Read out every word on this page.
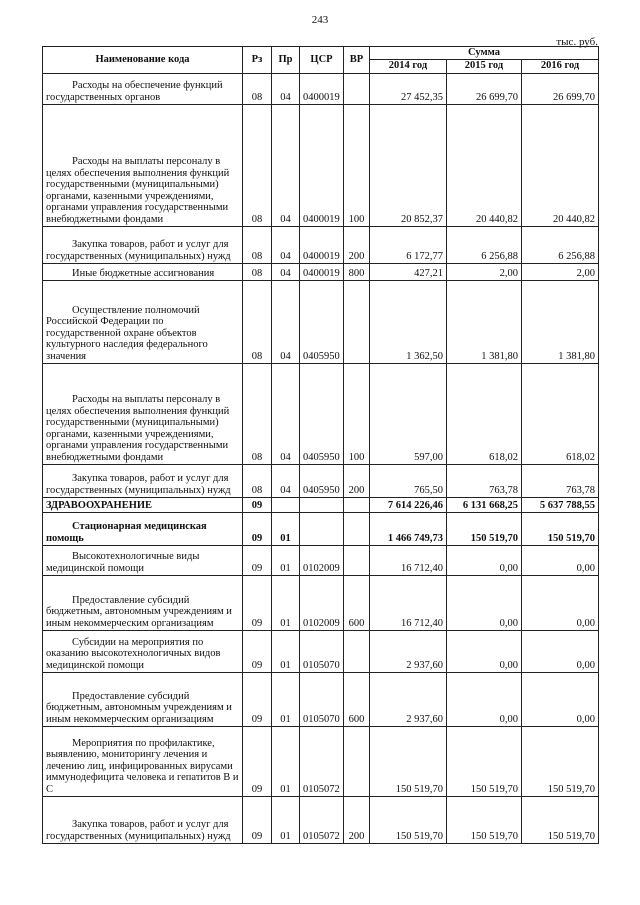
243
тыс. руб.
Наименование кода	Рз	Пр	ЦСР	ВР	Сумма		
					2014 год	2015 год	2016 год
Расходы на обеспечение функций государственных органов	08	04	0400019		27 452,35	26 699,70	26 699,70
Расходы на выплаты персоналу в целях обеспечения выполнения функций государственными (муниципальными) органами, казенными учреждениями, органами управления государственными внебюджетными фондами	08	04	0400019	100	20 852,37	20 440,82	20 440,82
Закупка товаров, работ и услуг для государственных (муниципальных) нужд	08	04	0400019	200	6 172,77	6 256,88	6 256,88
Иные бюджетные ассигнования	08	04	0400019	800	427,21	2,00	2,00
Осуществление полномочий Российской Федерации по государственной охране объектов культурного наследия федерального значения	08	04	0405950		1 362,50	1 381,80	1 381,80
Расходы на выплаты персоналу в целях обеспечения выполнения функций государственными (муниципальными) органами, казенными учреждениями, органами управления государственными внебюджетными фондами	08	04	0405950	100	597,00	618,02	618,02
Закупка товаров, работ и услуг для государственных (муниципальных) нужд	08	04	0405950	200	765,50	763,78	763,78
ЗДРАВООХРАНЕНИЕ	09				7 614 226,46	6 131 668,25	5 637 788,55
Стационарная медицинская помощь	09	01			1 466 749,73	150 519,70	150 519,70
Высокотехнологичные виды медицинской помощи	09	01	0102009		16 712,40	0,00	0,00
Предоставление субсидий бюджетным, автономным учреждениям и иным некоммерческим организациям	09	01	0102009	600	16 712,40	0,00	0,00
Субсидии на мероприятия по оказанию высокотехнологичных видов медицинской помощи	09	01	0105070		2 937,60	0,00	0,00
Предоставление субсидий бюджетным, автономным учреждениям и иным некоммерческим организациям	09	01	0105070	600	2 937,60	0,00	0,00
Мероприятия по профилактике, выявлению, мониторингу лечения и лечению лиц, инфицированных вирусами иммунодефицита человека и гепатитов В и С	09	01	0105072		150 519,70	150 519,70	150 519,70
Закупка товаров, работ и услуг для государственных (муниципальных) нужд	09	01	0105072	200	150 519,70	150 519,70	150 519,70
